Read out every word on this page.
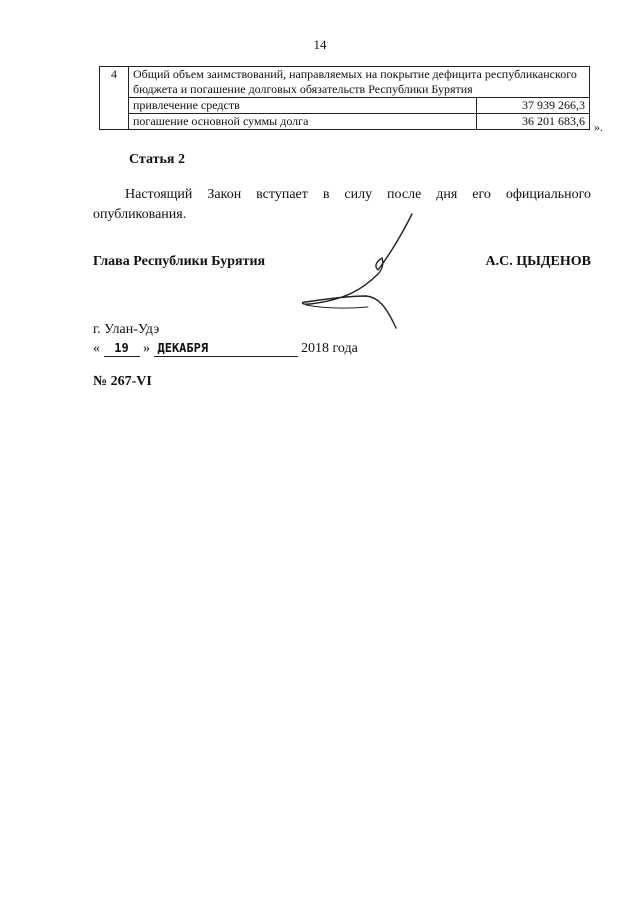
14
4	Общий объем заимствований, направляемых на покрытие дефицита республиканского бюджета и погашение долговых обязательств Республики Бурятия	
	привлечение средств	37 939 266,3
	погашение основной суммы долга	36 201 683,6 ».
Статья 2
Настоящий Закон вступает в силу после дня его официального опубликования.
Глава Республики Бурятия	А.С. ЦЫДЕНОВ
г. Улан-Удэ
« 19 » ДЕКАБРЯ	2018 года
№ 267-VI
